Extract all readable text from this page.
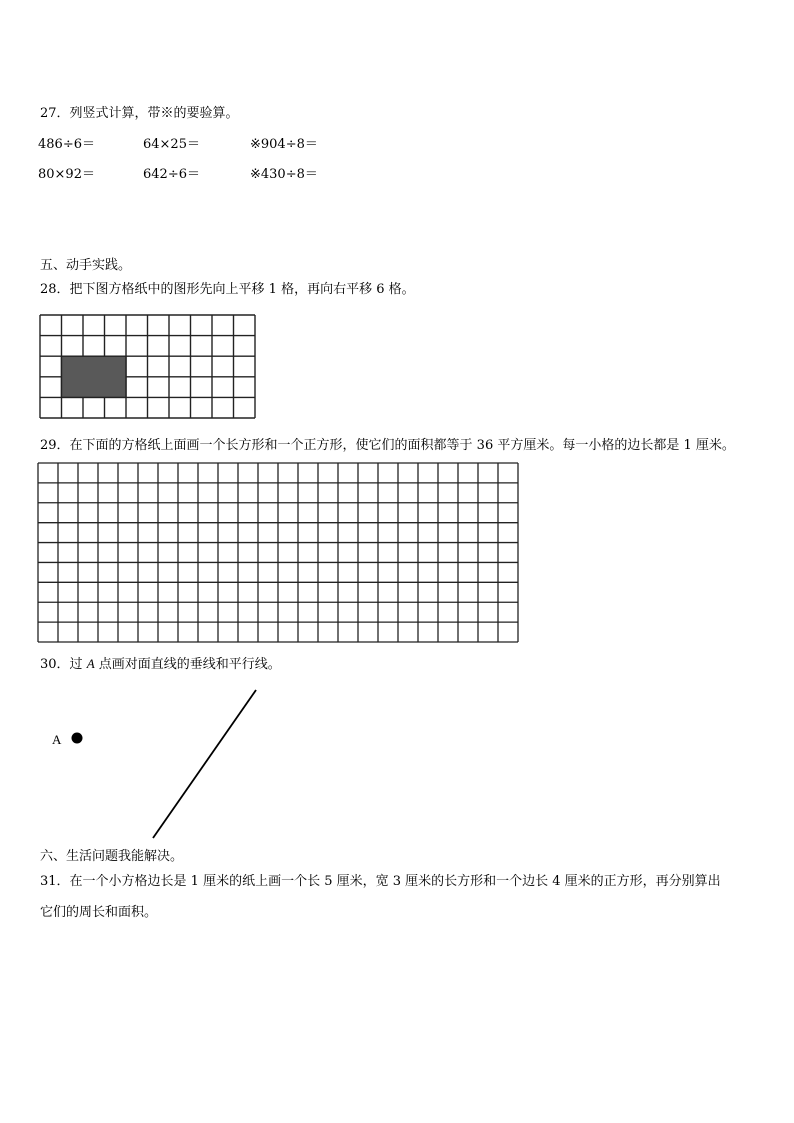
27．列竖式计算，带※的要验算。
486÷6＝	64×25＝	※904÷8＝
80×92＝	642÷6＝	※430÷8＝
五、动手实践。
28．把下图方格纸中的图形先向上平移 1 格，再向右平移 6 格。
29．在下面的方格纸上面画一个长方形和一个正方形，使它们的面积都等于 36 平方厘米。每一小格的边长都是 1 厘米。
30．过 A 点画对面直线的垂线和平行线。
A
六、生活问题我能解决。
31．在一个小方格边长是 1 厘米的纸上画一个长 5 厘米，宽 3 厘米的长方形和一个边长 4 厘米的正方形，再分别算出
它们的周长和面积。
